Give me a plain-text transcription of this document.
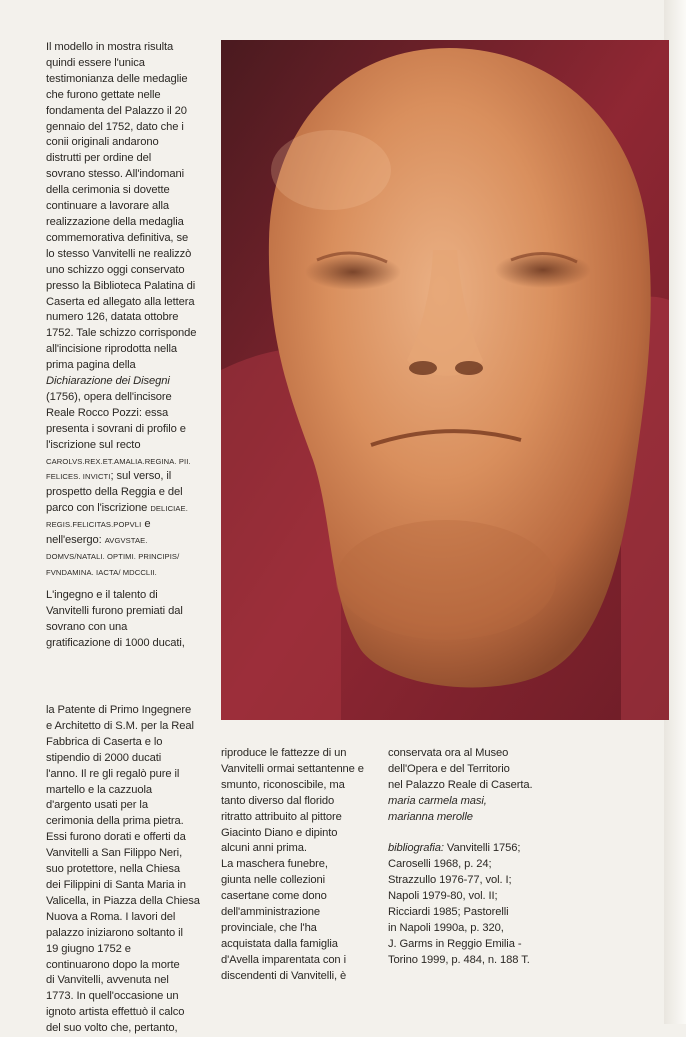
Il modello in mostra risulta
quindi essere l'unica
testimonianza delle medaglie
che furono gettate nelle
fondamenta del Palazzo il 20
gennaio del 1752, dato che i
conii originali andarono
distrutti per ordine del
sovrano stesso. All'indomani
della cerimonia si dovette
continuare a lavorare alla
realizzazione della medaglia
commemorativa definitiva, se
lo stesso Vanvitelli ne realizzò
uno schizzo oggi conservato
presso la Biblioteca Palatina di
Caserta ed allegato alla lettera
numero 126, datata ottobre
1752. Tale schizzo corrisponde
all'incisione riprodotta nella
prima pagina della
Dichiarazione dei Disegni
(1756), opera dell'incisore
Reale Rocco Pozzi: essa
presenta i sovrani di profilo e
l'iscrizione sul recto
CAROLVS.REX.ET.AMALIA.REGINA. PII.
FELICES. INVICTI; sul verso, il
prospetto della Reggia e del
parco con l'iscrizione DELICIAE.
REGIS.FELICITAS.POPVLI e
nell'esergo: AVGVSTAE.
DOMVS/NATALI. OPTIMI. PRINCIPIS/
FVNDAMINA. IACTA/ MDCCLII.
L'ingegno e il talento di
Vanvitelli furono premiati dal
sovrano con una
gratificazione di 1000 ducati,
la Patente di Primo Ingegnere
e Architetto di S.M. per la Real
Fabbrica di Caserta e lo
stipendio di 2000 ducati
l'anno. Il re gli regalò pure il
martello e la cazzuola
d'argento usati per la
cerimonia della prima pietra.
Essi furono dorati e offerti da
Vanvitelli a San Filippo Neri,
suo protettore, nella Chiesa
dei Filippini di Santa Maria in
Valicella, in Piazza della Chiesa
Nuova a Roma. I lavori del
palazzo iniziarono soltanto il
19 giugno 1752 e
continuarono dopo la morte
di Vanvitelli, avvenuta nel
1773. In quell'occasione un
ignoto artista effettuò il calco
del suo volto che, pertanto,
riproduce le fattezze di un
Vanvitelli ormai settantenne e
smunto, riconoscibile, ma
tanto diverso dal florido
ritratto attribuito al pittore
Giacinto Diano e dipinto
alcuni anni prima.
La maschera funebre,
giunta nelle collezioni
casertane come dono
dell'amministrazione
provinciale, che l'ha
acquistata dalla famiglia
d'Avella imparentata con i
discendenti di Vanvitelli, è
conservata ora al Museo
dell'Opera e del Territorio
nel Palazzo Reale di Caserta.
maria carmela masi,
marianna merolle

bibliografia: Vanvitelli 1756;
Caroselli 1968, p. 24;
Strazzullo 1976-77, vol. I;
Napoli 1979-80, vol. II;
Ricciardi 1985; Pastorelli
in Napoli 1990a, p. 320,
J. Garms in Reggio Emilia -
Torino 1999, p. 484, n. 188 T.
